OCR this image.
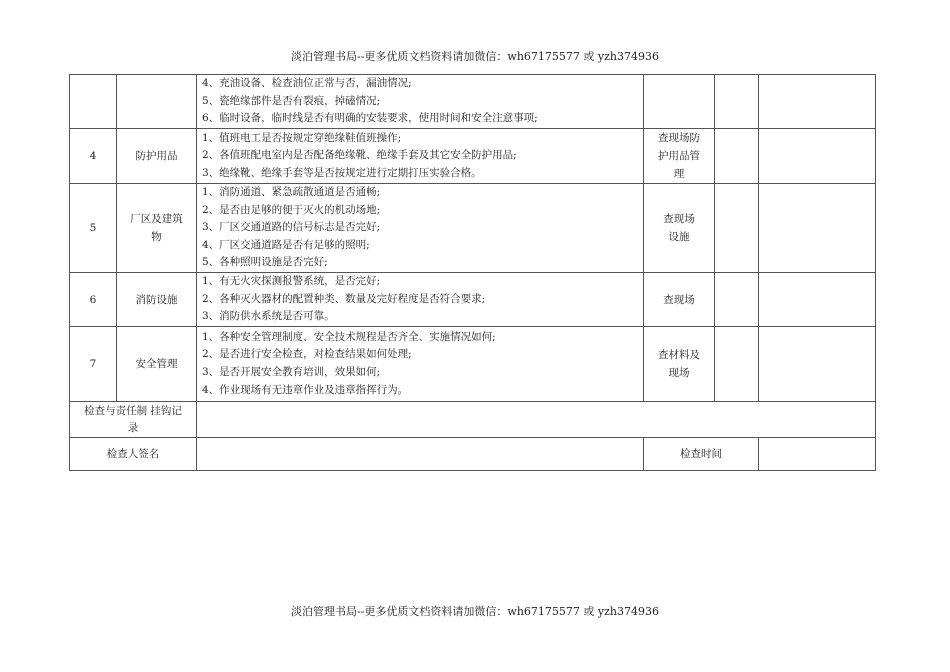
淡泊管理书局--更多优质文档资料请加微信：wh67175577 或 yzh374936

		4、充油设备、检查油位正常与否，漏油情况;
5、瓷绝缘部件是否有裂痕，掉磕情况;
6、临时设备，临时线是否有明确的安装要求，使用时间和安全注意事项;			

4	防护用品	1、值班电工是否按规定穿绝缘鞋值班操作;
2、各值班配电室内是否配备绝缘靴、绝缘手套及其它安全防护用品;
3、绝缘靴、绝缘手套等是否按规定进行定期打压实验合格。	查现场防
护用品管
理		

5	厂区及建筑
物	1、消防通道、紧急疏散通道是否通畅;
2、是否由足够的便于灭火的机动场地;
3、厂区交通道路的信号标志是否完好;
4、厂区交通道路是否有足够的照明;
5、各种照明设施是否完好;	查现场
设施		

6	消防设施	1、有无火灾探测报警系统，是否完好;
2、各种灭火器材的配置种类、数量及完好程度是否符合要求;
3、消防供水系统是否可靠。	查现场		

7	安全管理	1、各种安全管理制度、安全技术规程是否齐全、实施情况如何;
2、是否进行安全检查，对检查结果如何处理;
3、是否开展安全教育培训，效果如何;
4、作业现场有无违章作业及违章指挥行为。	查材料及
现场		

检查与责任制 挂钩记
录					

检查人签名			检查时间		
淡泊管理书局--更多优质文档资料请加微信：wh67175577 或 yzh374936
